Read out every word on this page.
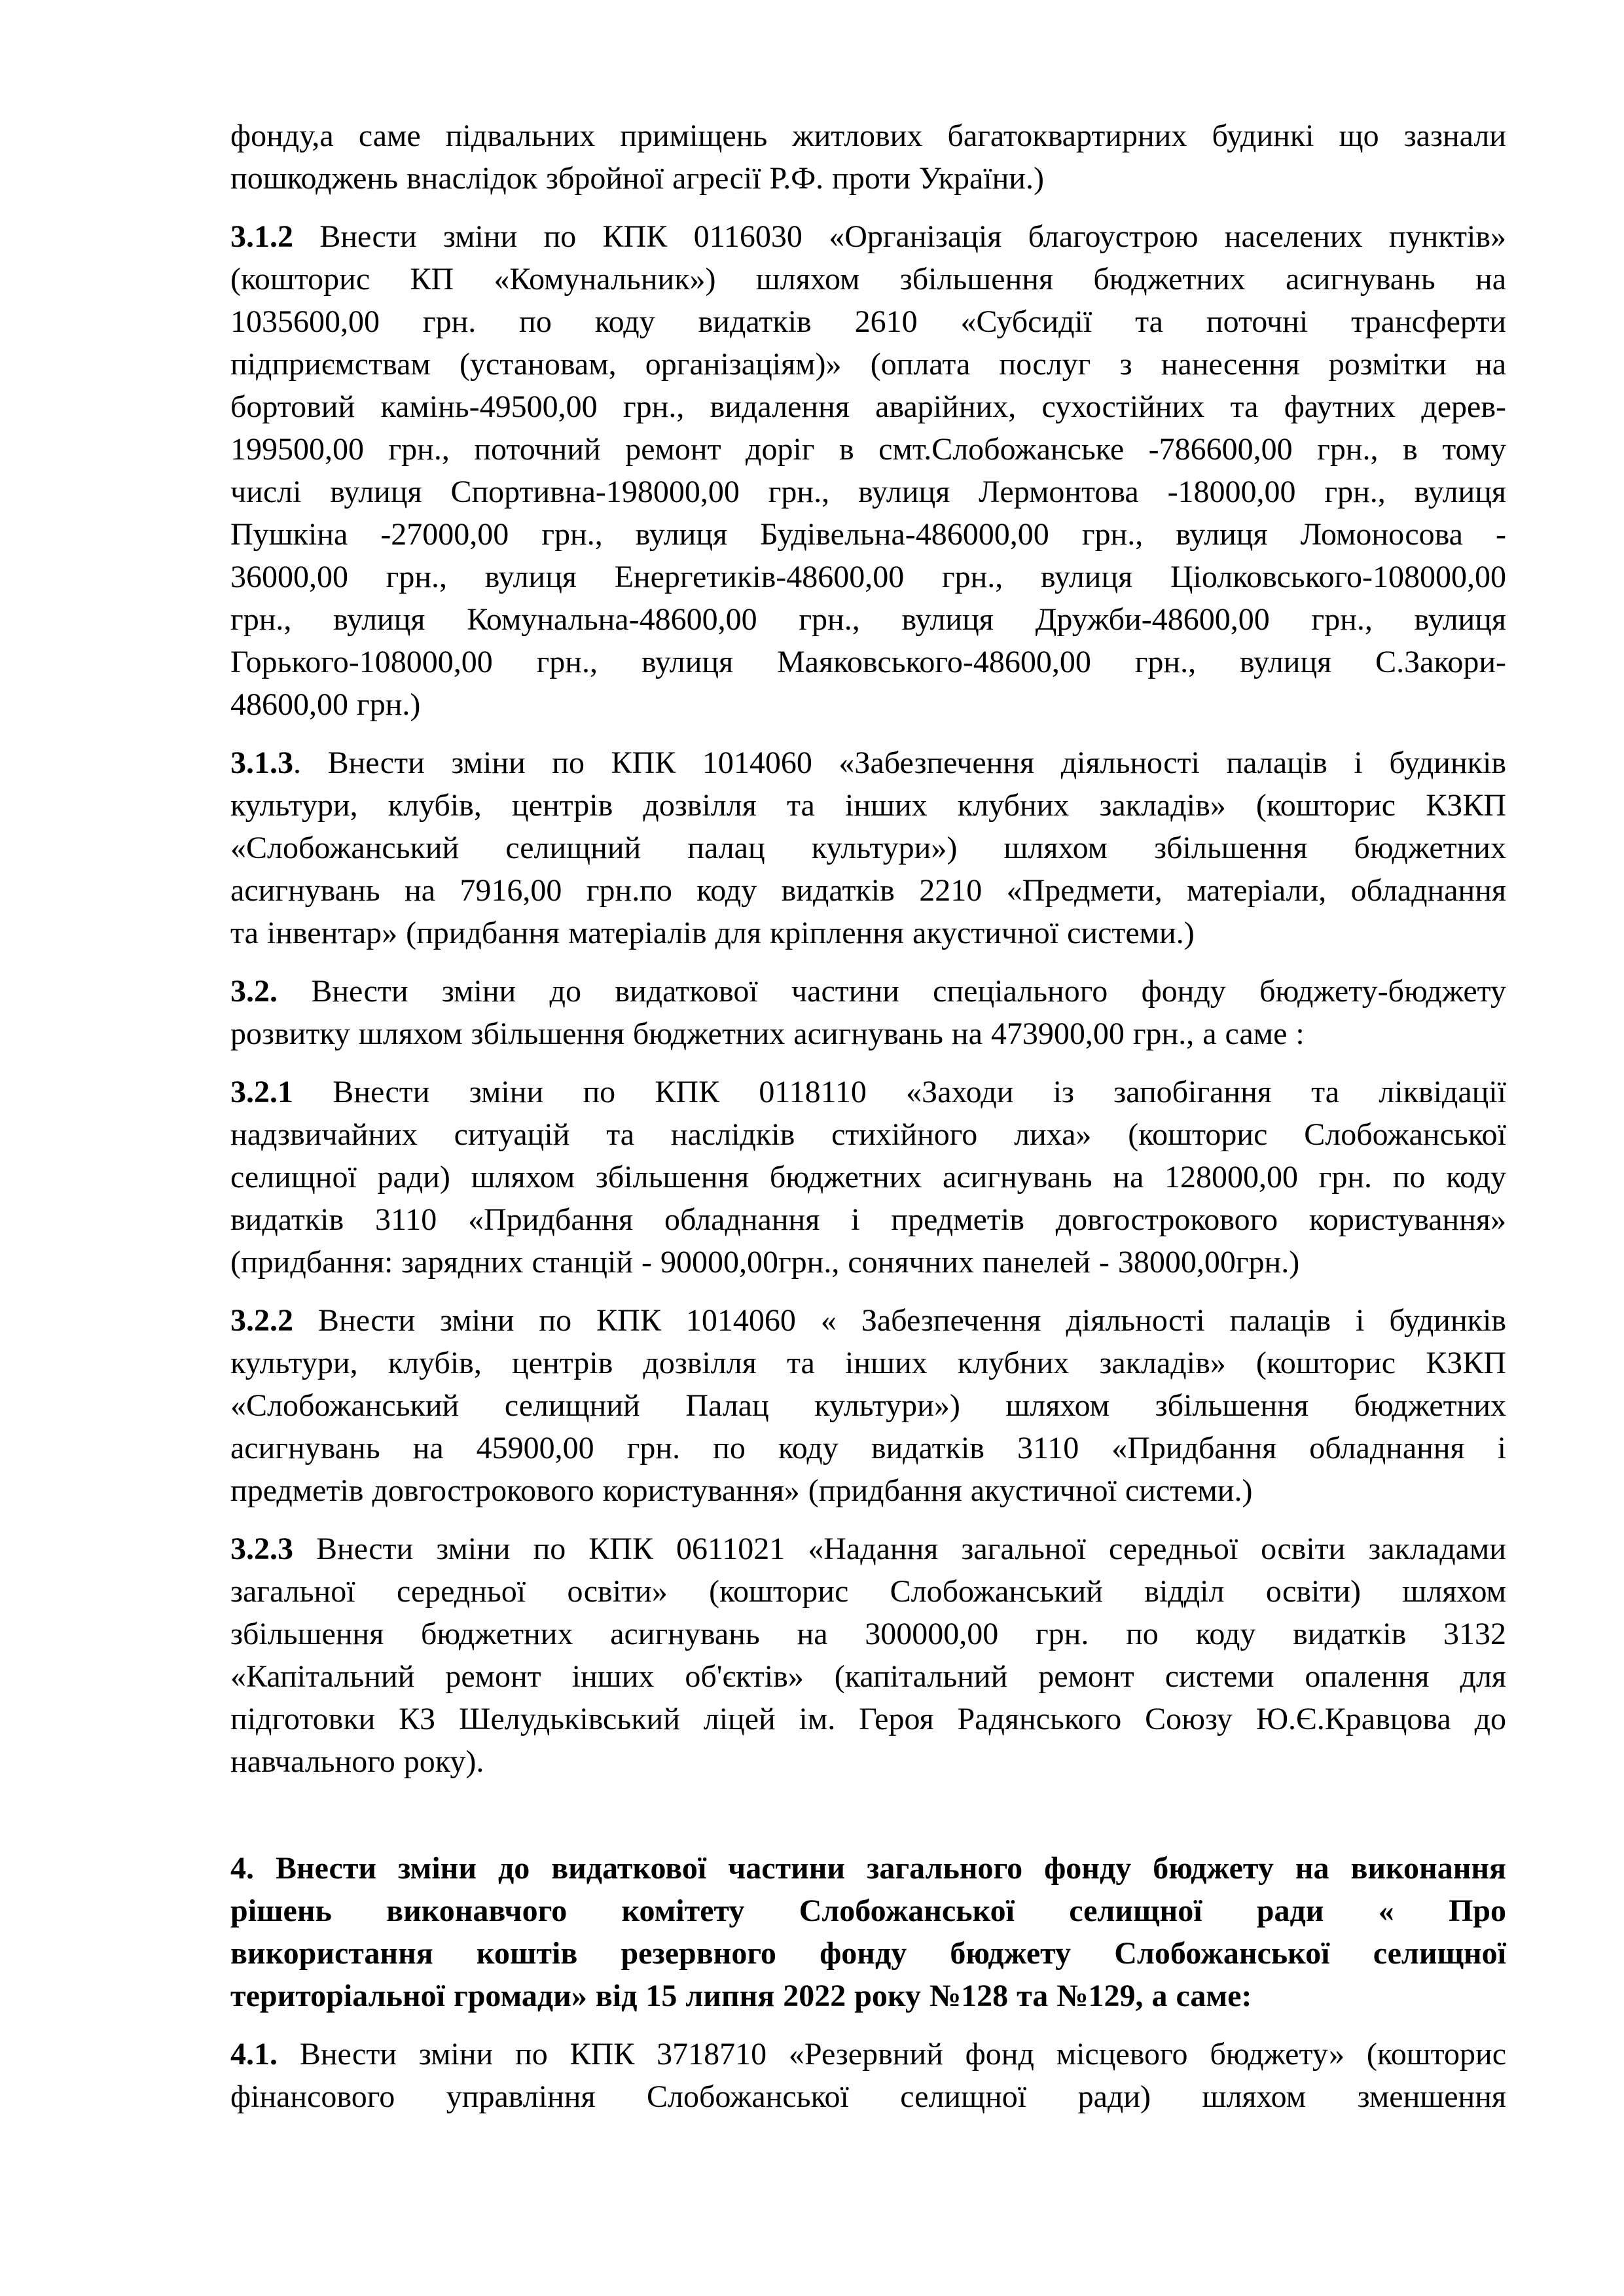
фонду,а саме підвальних приміщень житлових багатоквартирних будинкі що зазнали
пошкоджень внаслідок збройної агресії Р.Ф. проти України.)
3.1.2 Внести зміни по КПК 0116030 «Організація благоустрою населених пунктів»
(кошторис КП «Комунальник») шляхом збільшення бюджетних асигнувань на
1035600,00 грн. по коду видатків 2610 «Субсидії та поточні трансферти
підприємствам (установам, організаціям)» (оплата послуг з нанесення розмітки на
бортовий камінь-49500,00 грн., видалення аварійних, сухостійних та фаутних дерев-
199500,00 грн., поточний ремонт доріг в смт.Слобожанське -786600,00 грн., в тому
числі вулиця Спортивна-198000,00 грн., вулиця Лермонтова -18000,00 грн., вулиця
Пушкіна -27000,00 грн., вулиця Будівельна-486000,00 грн., вулиця Ломоносова -
36000,00 грн., вулиця Енергетиків-48600,00 грн., вулиця Ціолковського-108000,00
грн., вулиця Комунальна-48600,00 грн., вулиця Дружби-48600,00 грн., вулиця
Горького-108000,00 грн., вулиця Маяковського-48600,00 грн., вулиця С.Закори-
48600,00 грн.)
3.1.3. Внести зміни по КПК 1014060 «Забезпечення діяльності палаців і будинків
культури, клубів, центрів дозвілля та інших клубних закладів» (кошторис КЗКП
«Слобожанський селищний палац культури») шляхом збільшення бюджетних
асигнувань на 7916,00 грн.по коду видатків 2210 «Предмети, матеріали, обладнання
та інвентар» (придбання матеріалів для кріплення акустичної системи.)
3.2. Внести зміни до видаткової частини спеціального фонду бюджету-бюджету
розвитку шляхом збільшення бюджетних асигнувань на 473900,00 грн., а саме :
3.2.1 Внести зміни по КПК 0118110 «Заходи із запобігання та ліквідації
надзвичайних ситуацій та наслідків стихійного лиха» (кошторис Слобожанської
селищної ради) шляхом збільшення бюджетних асигнувань на 128000,00 грн. по коду
видатків 3110 «Придбання обладнання і предметів довгострокового користування»
(придбання: зарядних станцій - 90000,00грн., сонячних панелей - 38000,00грн.)
3.2.2 Внести зміни по КПК 1014060 « Забезпечення діяльності палаців і будинків
культури, клубів, центрів дозвілля та інших клубних закладів» (кошторис КЗКП
«Слобожанський селищний Палац культури») шляхом збільшення бюджетних
асигнувань на 45900,00 грн. по коду видатків 3110 «Придбання обладнання і
предметів довгострокового користування» (придбання акустичної системи.)
3.2.3 Внести зміни по КПК 0611021 «Надання загальної середньої освіти закладами
загальної середньої освіти» (кошторис Слобожанський відділ освіти) шляхом
збільшення бюджетних асигнувань на 300000,00 грн. по коду видатків 3132
«Капітальний ремонт інших об'єктів» (капітальний ремонт системи опалення для
підготовки КЗ Шелудьківський ліцей ім. Героя Радянського Союзу Ю.Є.Кравцова до
навчального року).
4. Внести зміни до видаткової частини загального фонду бюджету на виконання
рішень виконавчого комітету Слобожанської селищної ради « Про
використання коштів резервного фонду бюджету Слобожанської селищної
територіальної громади» від 15 липня 2022 року №128 та №129, а саме:
4.1. Внести зміни по КПК 3718710 «Резервний фонд місцевого бюджету» (кошторис
фінансового управління Слобожанської селищної ради) шляхом зменшення
